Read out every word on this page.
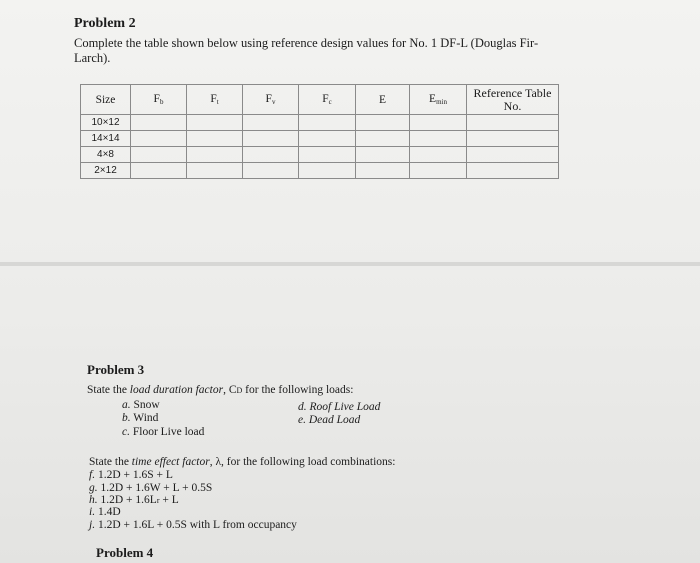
Problem 2
Complete the table shown below using reference design values for No. 1 DF-L (Douglas Fir-Larch).
Size	$F_b$	$F_t$	$F_v$	$F_c$	E	$E_{min}$	Reference Table No.
10×12							
14×14							
4×8							
2×12							
Problem 3
State the load duration factor, CD for the following loads:
a. Snow
b. Wind
c. Floor Live load
d. Roof Live Load
e. Dead Load
State the time effect factor, λ, for the following load combinations:
f. 1.2D + 1.6S + L
g. 1.2D + 1.6W + L + 0.5S
h. 1.2D + 1.6Lr + L
i. 1.4D
j. 1.2D + 1.6L + 0.5S with L from occupancy
Problem 4
